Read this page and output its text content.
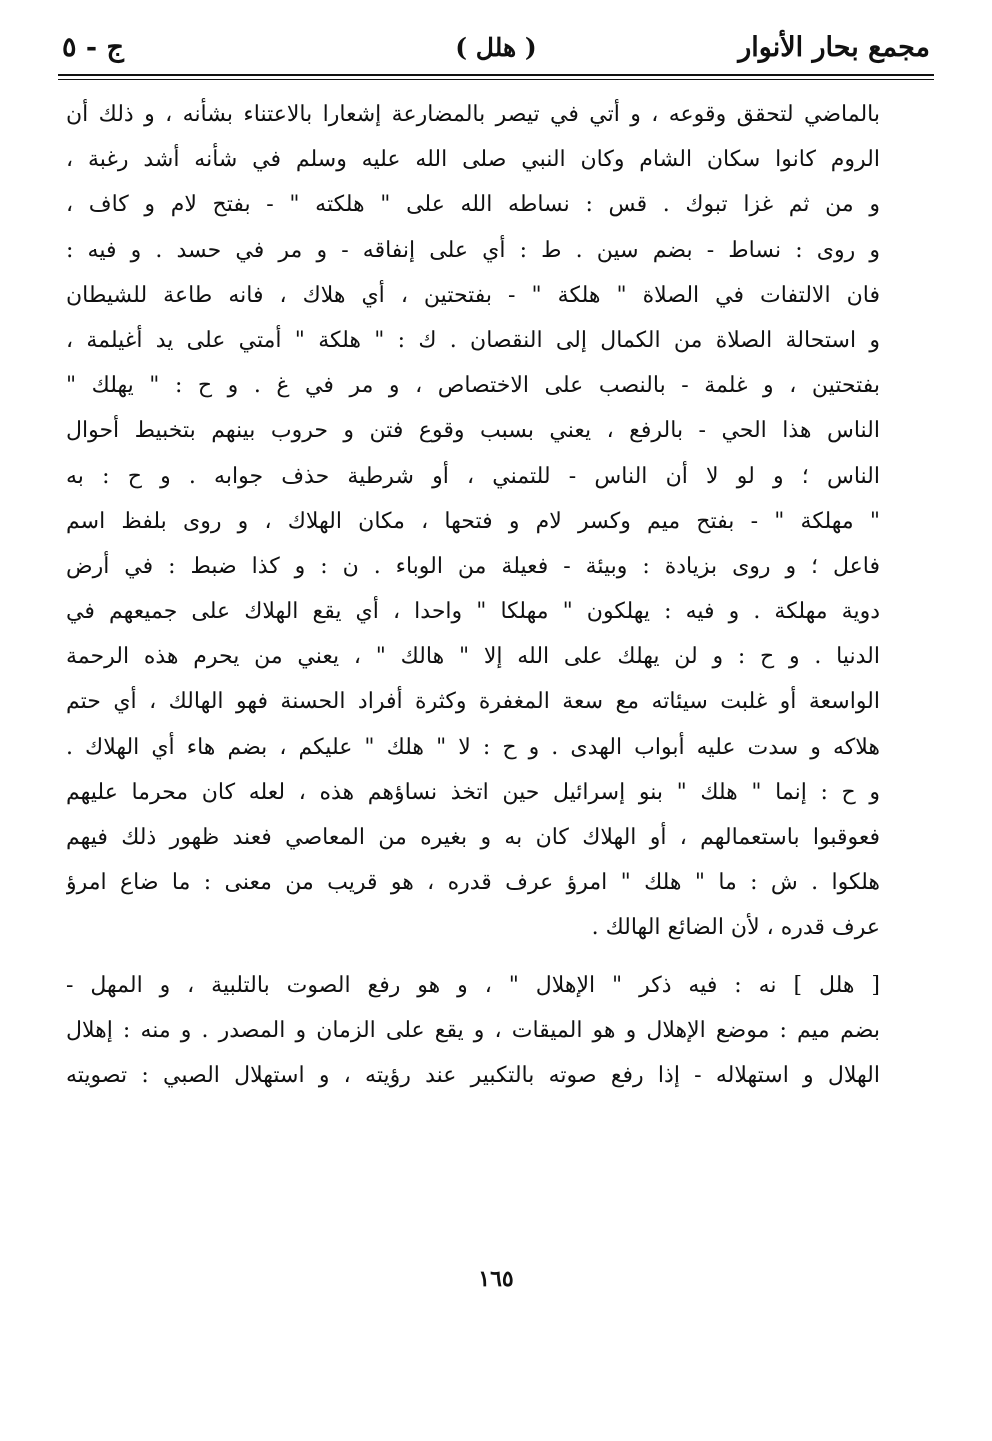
مجمع بحار الأنوار
( هلل )
ج - ٥
بالماضي لتحقق وقوعه ، و أتي في تيصر بالمضارعة إشعارا بالاعتناء بشأنه ، و ذلك أن
الروم كانوا سكان الشام وكان النبي صلى الله عليه وسلم في شأنه أشد رغبة ،
و من ثم غزا تبوك . قس : نساطه الله على " هلكته " - بفتح لام و كاف ،
و روى : نساط - بضم سين . ط : أي على إنفاقه - و مر في حسد . و فيه :
فان الالتفات في الصلاة " هلكة " - بفتحتين ، أي هلاك ، فانه طاعة للشيطان
و استحالة الصلاة من الكمال إلى النقصان . ك : " هلكة " أمتي على يد أغيلمة ،
بفتحتين ، و غلمة - بالنصب على الاختصاص ، و مر في غ . و ح : " يهلك "
الناس هذا الحي - بالرفع ، يعني بسبب وقوع فتن و حروب بينهم بتخبيط أحوال
الناس ؛ و لو لا أن الناس - للتمني ، أو شرطية حذف جوابه . و ح : به
" مهلكة " - بفتح ميم وكسر لام و فتحها ، مكان الهلاك ، و روى بلفظ اسم
فاعل ؛ و روى بزيادة : وبيئة - فعيلة من الوباء . ن : و كذا ضبط : في أرض
دوية مهلكة . و فيه : يهلكون " مهلكا " واحدا ، أي يقع الهلاك على جميعهم في
الدنيا . و ح : و لن يهلك على الله إلا " هالك " ، يعني من يحرم هذه الرحمة
الواسعة أو غلبت سيئاته مع سعة المغفرة وكثرة أفراد الحسنة فهو الهالك ، أي حتم
هلاكه و سدت عليه أبواب الهدى . و ح : لا " هلك " عليكم ، بضم هاء أي الهلاك .
و ح : إنما " هلك " بنو إسرائيل حين اتخذ نساؤهم هذه ، لعله كان محرما عليهم
فعوقبوا باستعمالهم ، أو الهلاك كان به و بغيره من المعاصي فعند ظهور ذلك فيهم
هلكوا . ش : ما " هلك " امرؤ عرف قدره ، هو قريب من معنى : ما ضاع امرؤ
عرف قدره ، لأن الضائع الهالك .
[ هلل ] نه : فيه ذكر " الإهلال " ، و هو رفع الصوت بالتلبية ، و المهل -
بضم ميم : موضع الإهلال و هو الميقات ، و يقع على الزمان و المصدر . و منه : إهلال
الهلال و استهلاله - إذا رفع صوته بالتكبير عند رؤيته ، و استهلال الصبي : تصويته
١٦٥
